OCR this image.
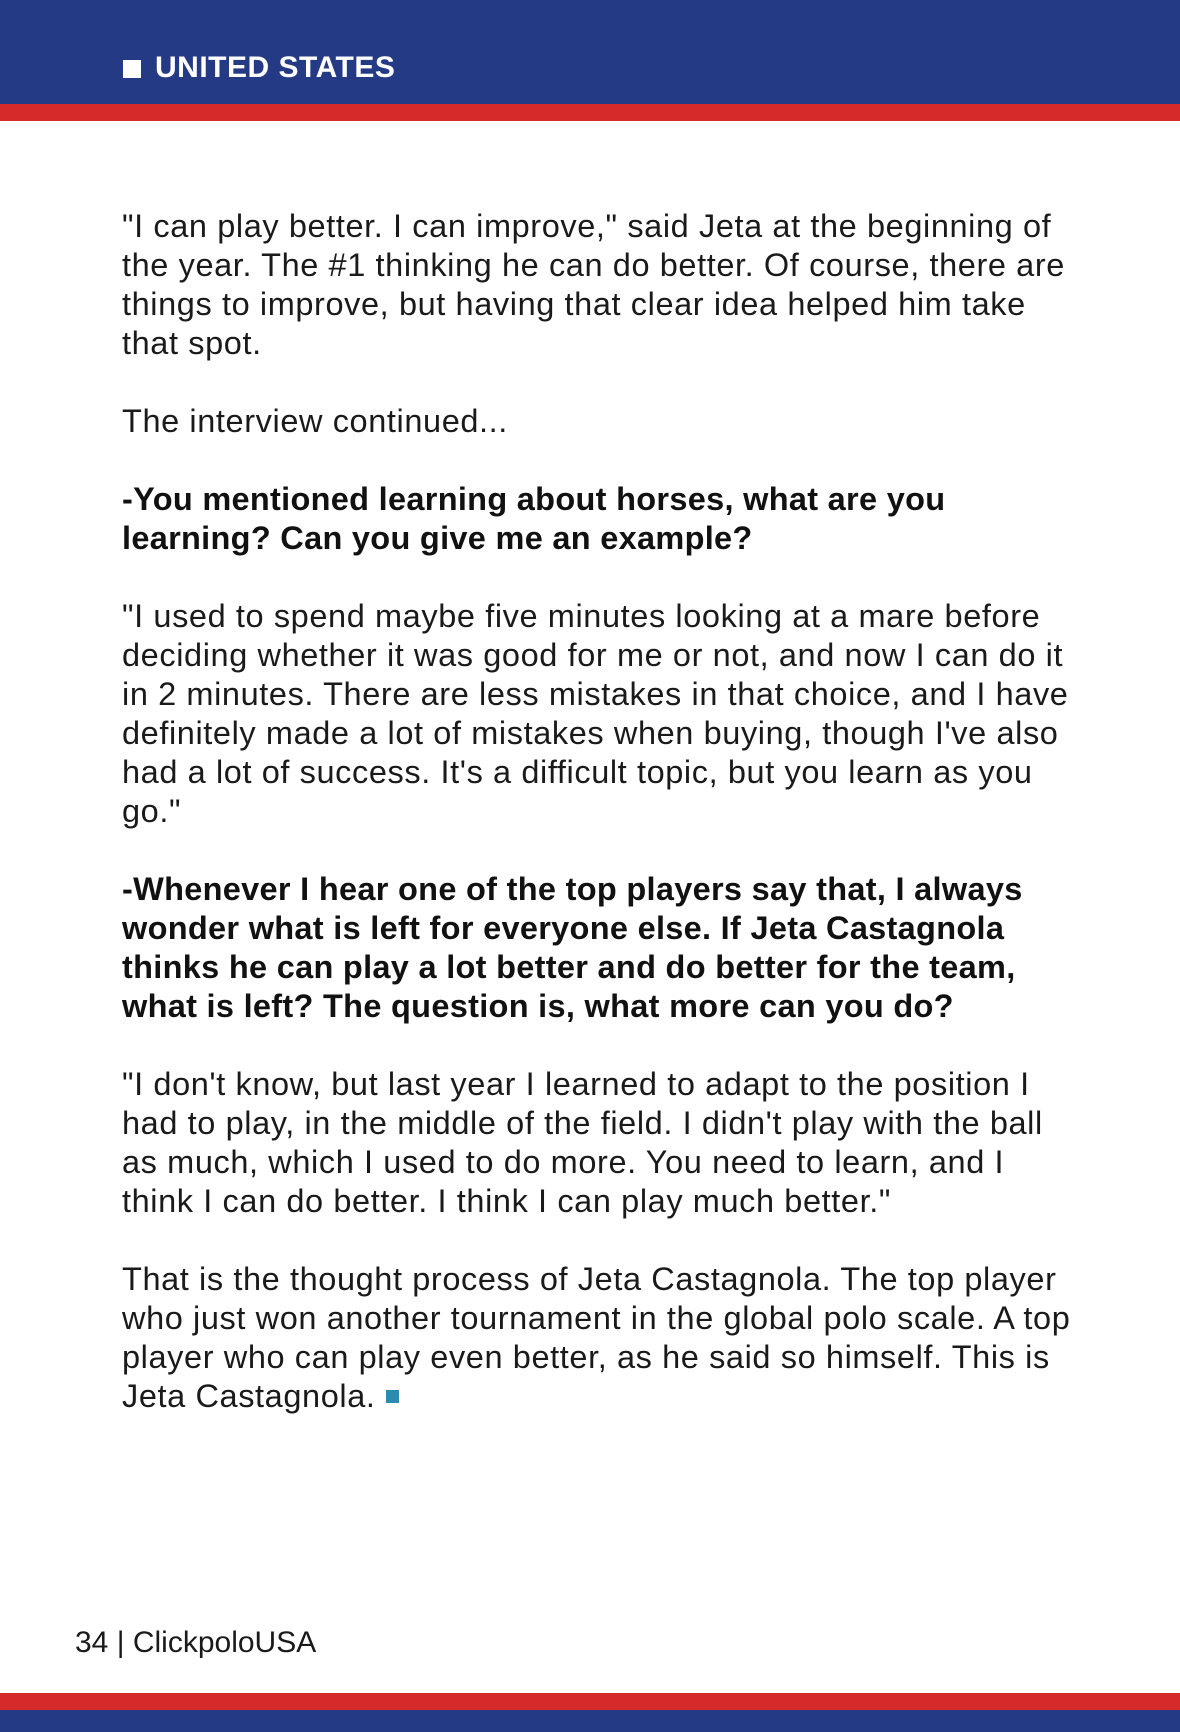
UNITED STATES

"I can play better. I can improve," said Jeta at the beginning of the year. The #1 thinking he can do better. Of course, there are things to improve, but having that clear idea helped him take that spot.

The interview continued...

-You mentioned learning about horses, what are you learning? Can you give me an example?

"I used to spend maybe five minutes looking at a mare before deciding whether it was good for me or not, and now I can do it in 2 minutes. There are less mistakes in that choice, and I have definitely made a lot of mistakes when buying, though I've also had a lot of success. It's a difficult topic, but you learn as you go."

-Whenever I hear one of the top players say that, I always wonder what is left for everyone else. If Jeta Castagnola thinks he can play a lot better and do better for the team, what is left? The question is, what more can you do?

"I don't know, but last year I learned to adapt to the position I had to play, in the middle of the field. I didn't play with the ball as much, which I used to do more. You need to learn, and I think I can do better. I think I can play much better."

That is the thought process of Jeta Castagnola. The top player who just won another tournament in the global polo scale. A top player who can play even better, as he said so himself. This is Jeta Castagnola.

34 | ClickpoloUSA
